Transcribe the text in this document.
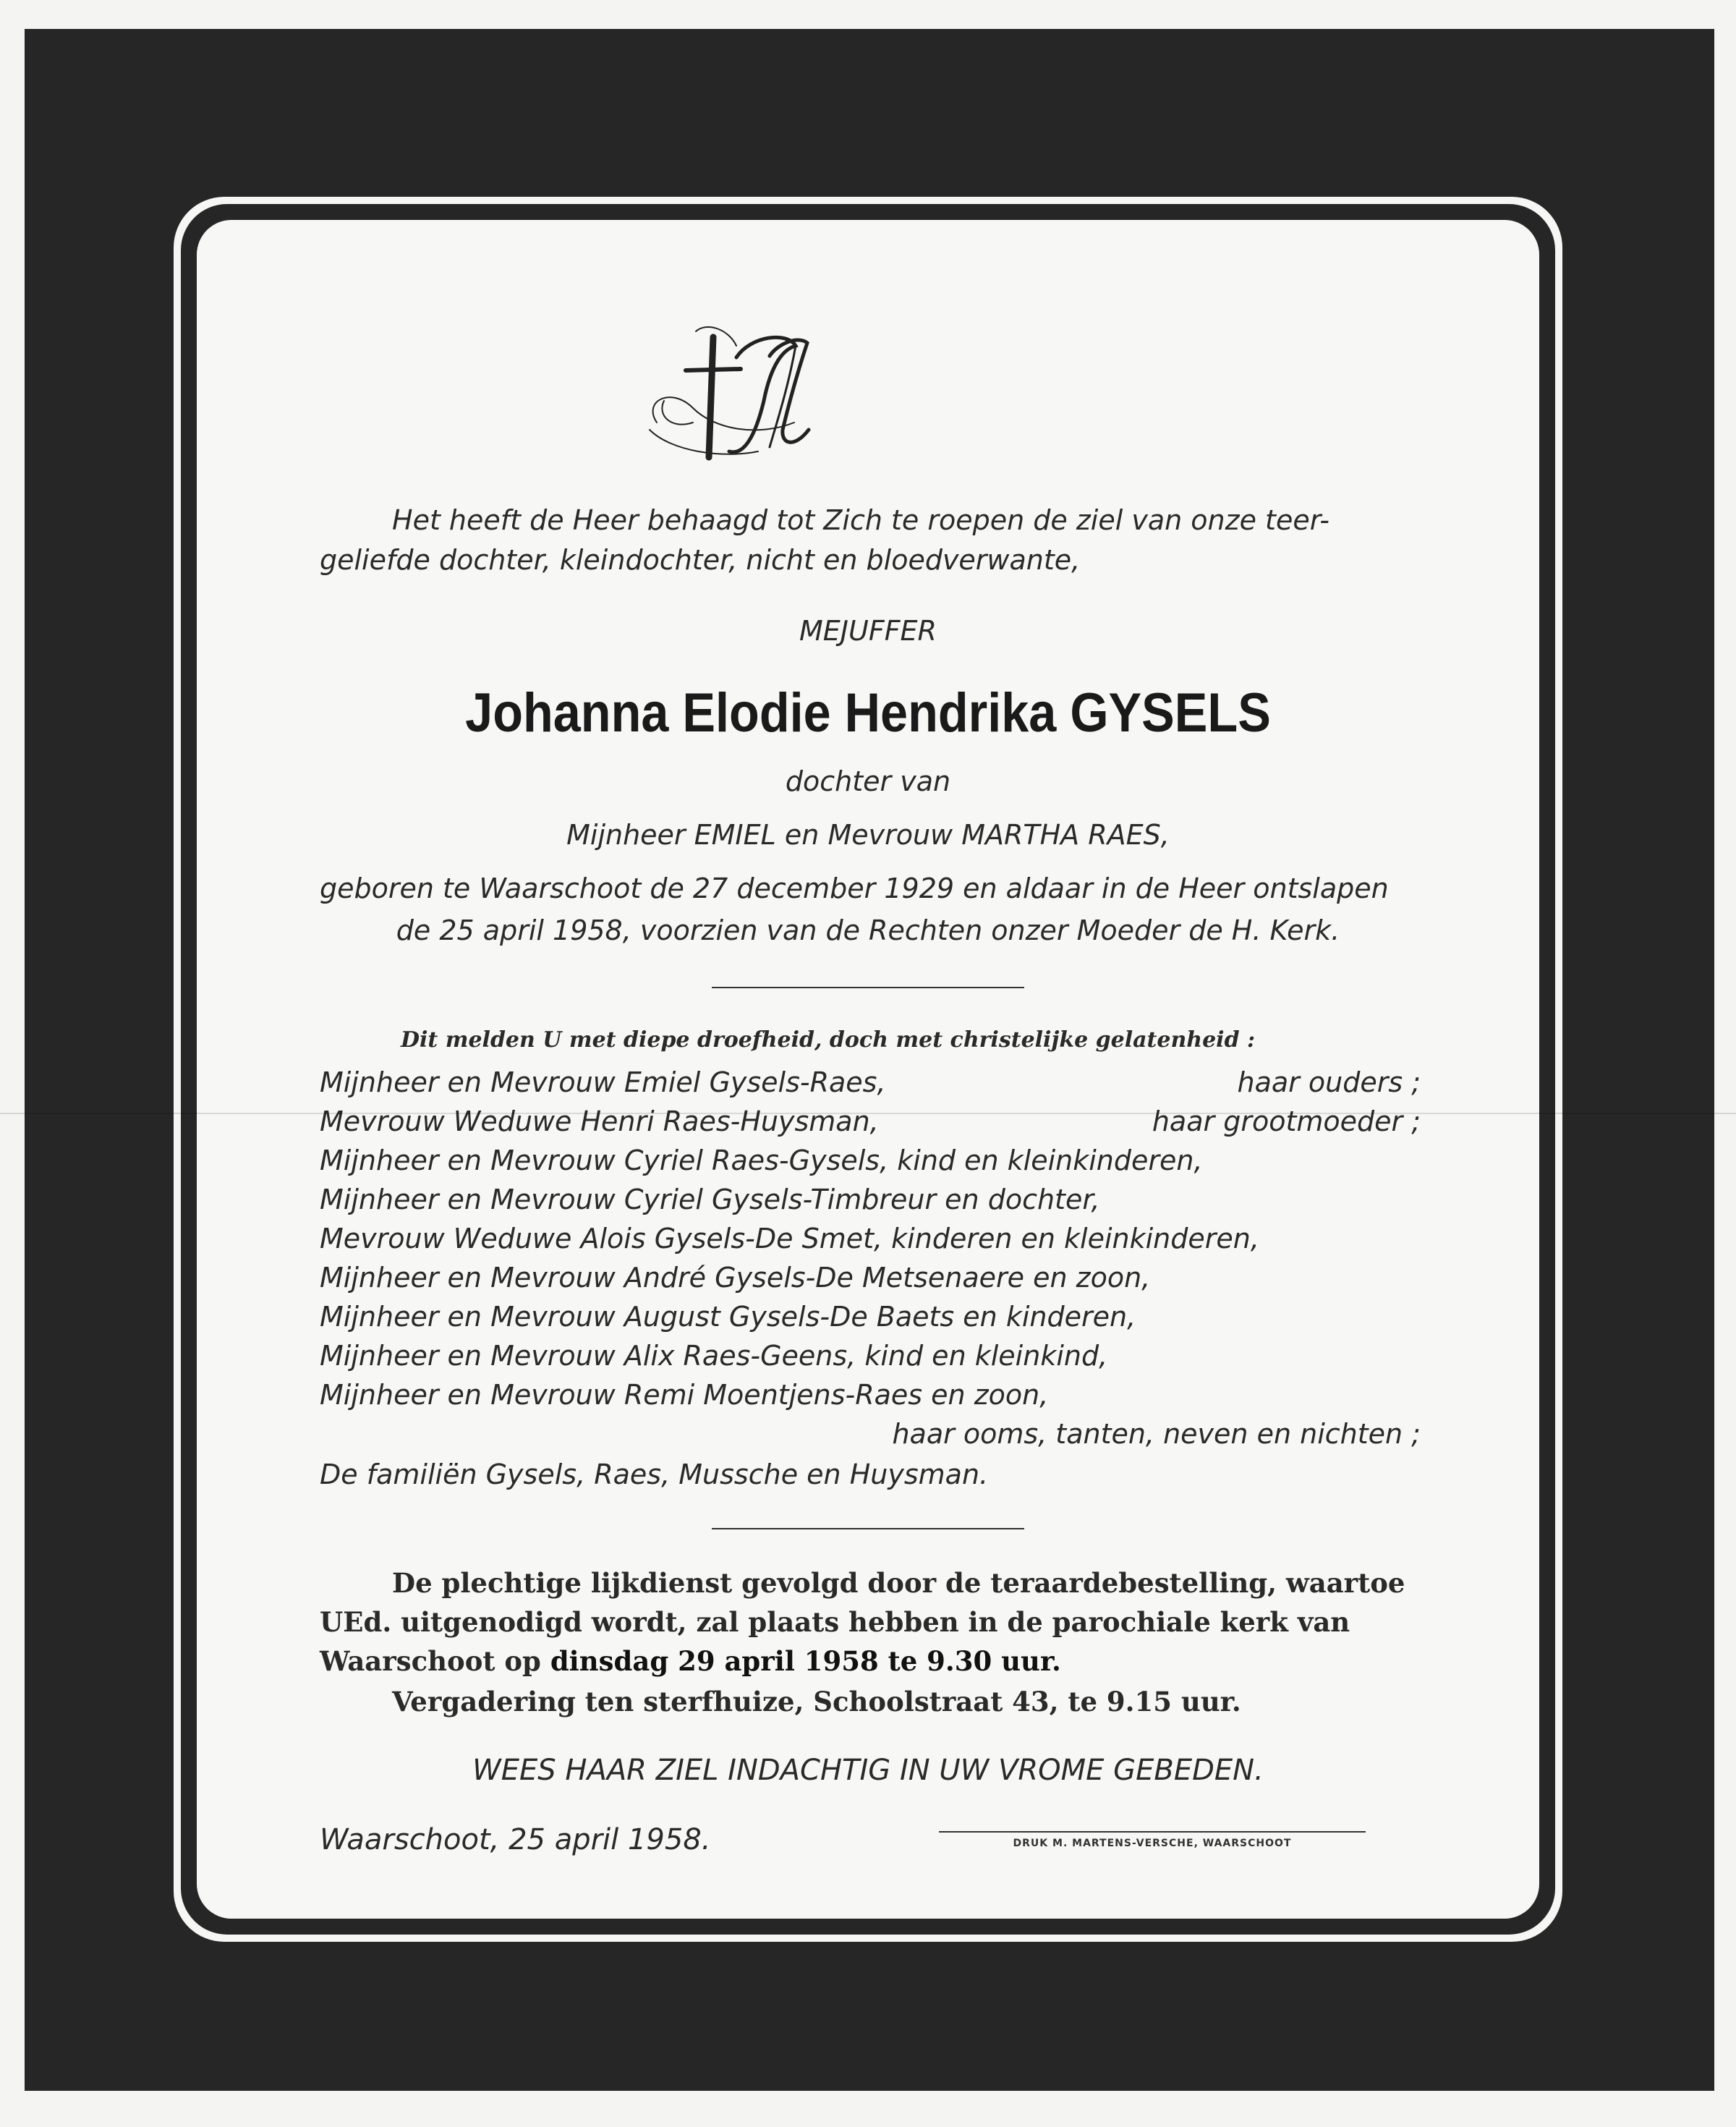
Het heeft de Heer behaagd tot Zich te roepen de ziel van onze teer-

geliefde dochter, kleindochter, nicht en bloedverwante,

MEJUFFER

Johanna Elodie Hendrika GYSELS

dochter van

Mijnheer EMIEL en Mevrouw MARTHA RAES,

geboren te Waarschoot de 27 december 1929 en aldaar in de Heer ontslapen

de 25 april 1958, voorzien van de Rechten onzer Moeder de H. Kerk.

Dit melden U met diepe droefheid, doch met christelijke gelatenheid :

Mijnheer en Mevrouw Emiel Gysels-Raes,	haar ouders ;

Mevrouw Weduwe Henri Raes-Huysman,	haar grootmoeder ;

Mijnheer en Mevrouw Cyriel Raes-Gysels, kind en kleinkinderen,

Mijnheer en Mevrouw Cyriel Gysels-Timbreur en dochter,

Mevrouw Weduwe Alois Gysels-De Smet, kinderen en kleinkinderen,

Mijnheer en Mevrouw André Gysels-De Metsenaere en zoon,

Mijnheer en Mevrouw August Gysels-De Baets en kinderen,

Mijnheer en Mevrouw Alix Raes-Geens, kind en kleinkind,

Mijnheer en Mevrouw Remi Moentjens-Raes en zoon,

haar ooms, tanten, neven en nichten ;

De familiën Gysels, Raes, Mussche en Huysman.

De plechtige lijkdienst gevolgd door de teraardebestelling, waartoe

UEd. uitgenodigd wordt, zal plaats hebben in de parochiale kerk van

Waarschoot op dinsdag 29 april 1958 te 9.30 uur.

Vergadering ten sterfhuize, Schoolstraat 43, te 9.15 uur.

WEES HAAR ZIEL INDACHTIG IN UW VROME GEBEDEN.

Waarschoot, 25 april 1958.	DRUK M. MARTENS-VERSCHE, WAARSCHOOT
